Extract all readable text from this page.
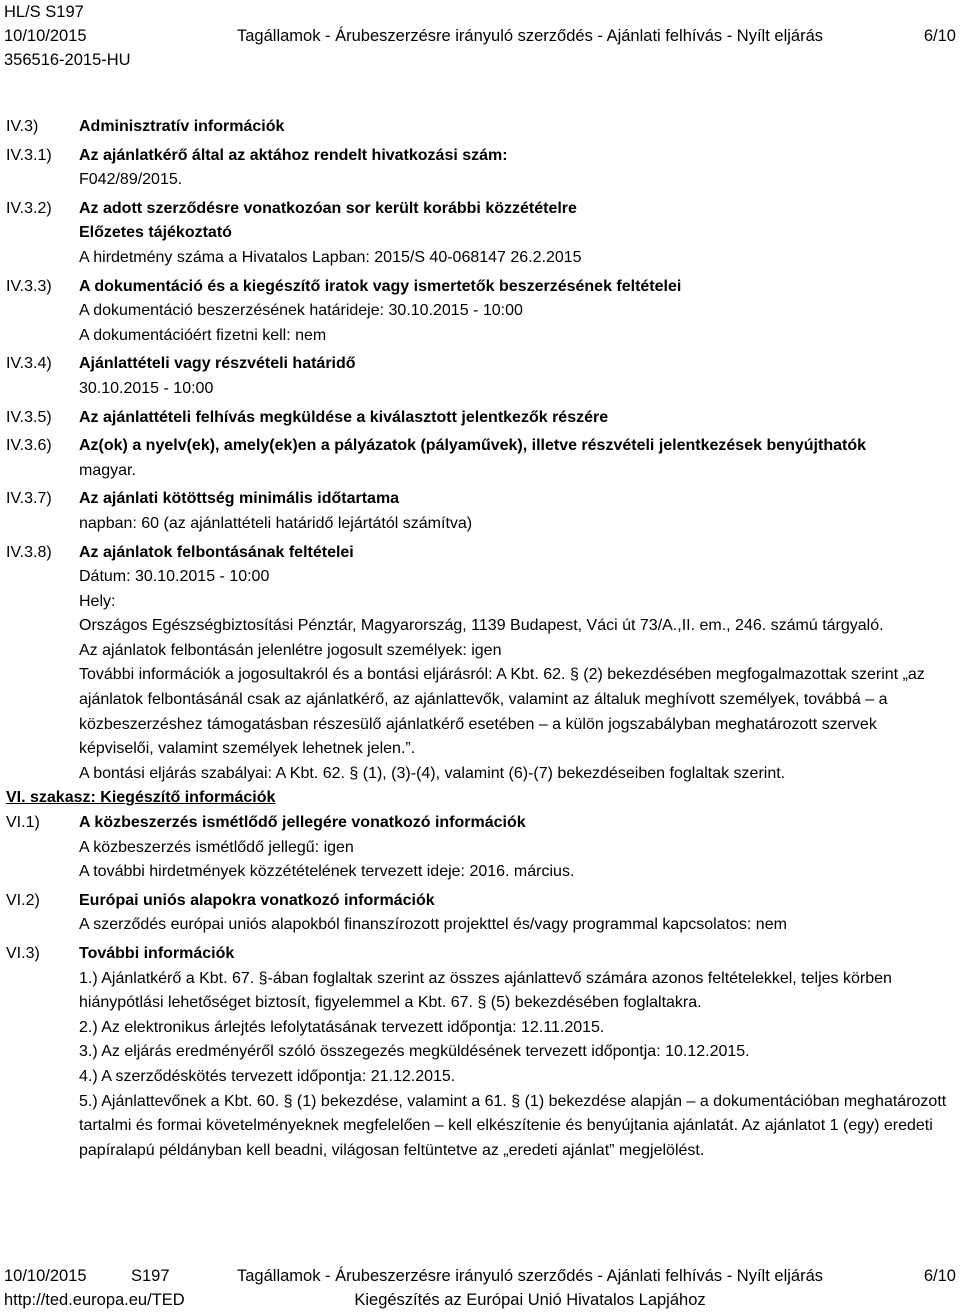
HL/S S197
10/10/2015	Tagállamok - Árubeszerzésre irányuló szerződés - Ajánlati felhívás - Nyílt eljárás	6/10
356516-2015-HU
IV.3)	Adminisztratív információk

IV.3.1)	Az ajánlatkérő által az aktához rendelt hivatkozási szám:

F042/89/2015.

IV.3.2)	Az adott szerződésre vonatkozóan sor került korábbi közzétételre

Előzetes tájékoztató

A hirdetmény száma a Hivatalos Lapban: 2015/S 40-068147 26.2.2015

IV.3.3)	A dokumentáció és a kiegészítő iratok vagy ismertetők beszerzésének feltételei

A dokumentáció beszerzésének határideje: 30.10.2015 - 10:00

A dokumentációért fizetni kell: nem

IV.3.4)	Ajánlattételi vagy részvételi határidő

30.10.2015 - 10:00

IV.3.5)	Az ajánlattételi felhívás megküldése a kiválasztott jelentkezők részére

IV.3.6)	Az(ok) a nyelv(ek), amely(ek)en a pályázatok (pályaművek), illetve részvételi jelentkezések benyújthatók

magyar.

IV.3.7)	Az ajánlati kötöttség minimális időtartama

napban: 60 (az ajánlattételi határidő lejártától számítva)

IV.3.8)	Az ajánlatok felbontásának feltételei

Dátum: 30.10.2015 - 10:00

Hely:

Országos Egészségbiztosítási Pénztár, Magyarország, 1139 Budapest, Váci út 73/A.,II. em., 246. számú tárgyaló.

Az ajánlatok felbontásán jelenlétre jogosult személyek: igen

További információk a jogosultakról és a bontási eljárásról: A Kbt. 62. § (2) bekezdésében megfogalmazottak szerint „az ajánlatok felbontásánál csak az ajánlatkérő, az ajánlattevők, valamint az általuk meghívott személyek, továbbá – a közbeszerzéshez támogatásban részesülő ajánlatkérő esetében – a külön jogszabályban meghatározott szervek képviselői, valamint személyek lehetnek jelen.”.

A bontási eljárás szabályai: A Kbt. 62. § (1), (3)-(4), valamint (6)-(7) bekezdéseiben foglaltak szerint.

VI. szakasz: Kiegészítő információk

VI.1)	A közbeszerzés ismétlődő jellegére vonatkozó információk

A közbeszerzés ismétlődő jellegű: igen

A további hirdetmények közzétételének tervezett ideje: 2016. március.

VI.2)	Európai uniós alapokra vonatkozó információk

A szerződés európai uniós alapokból finanszírozott projekttel és/vagy programmal kapcsolatos: nem

VI.3)	További információk

1.) Ajánlatkérő a Kbt. 67. §-ában foglaltak szerint az összes ajánlattevő számára azonos feltételekkel, teljes körben hiánypótlási lehetőséget biztosít, figyelemmel a Kbt. 67. § (5) bekezdésében foglaltakra.

2.) Az elektronikus árlejtés lefolytatásának tervezett időpontja: 12.11.2015.

3.) Az eljárás eredményéről szóló összegezés megküldésének tervezett időpontja: 10.12.2015.

4.) A szerződéskötés tervezett időpontja: 21.12.2015.

5.) Ajánlattevőnek a Kbt. 60. § (1) bekezdése, valamint a 61. § (1) bekezdése alapján – a dokumentációban meghatározott tartalmi és formai követelményeknek megfelelően – kell elkészítenie és benyújtania ajánlatát. Az ajánlatot 1 (egy) eredeti papíralapú példányban kell beadni, világosan feltüntetve az „eredeti ajánlat” megjelölést.

10/10/2015	S197	Tagállamok - Árubeszerzésre irányuló szerződés - Ajánlati felhívás - Nyílt eljárás	6/10
http://ted.europa.eu/TED	Kiegészítés az Európai Unió Hivatalos Lapjához
